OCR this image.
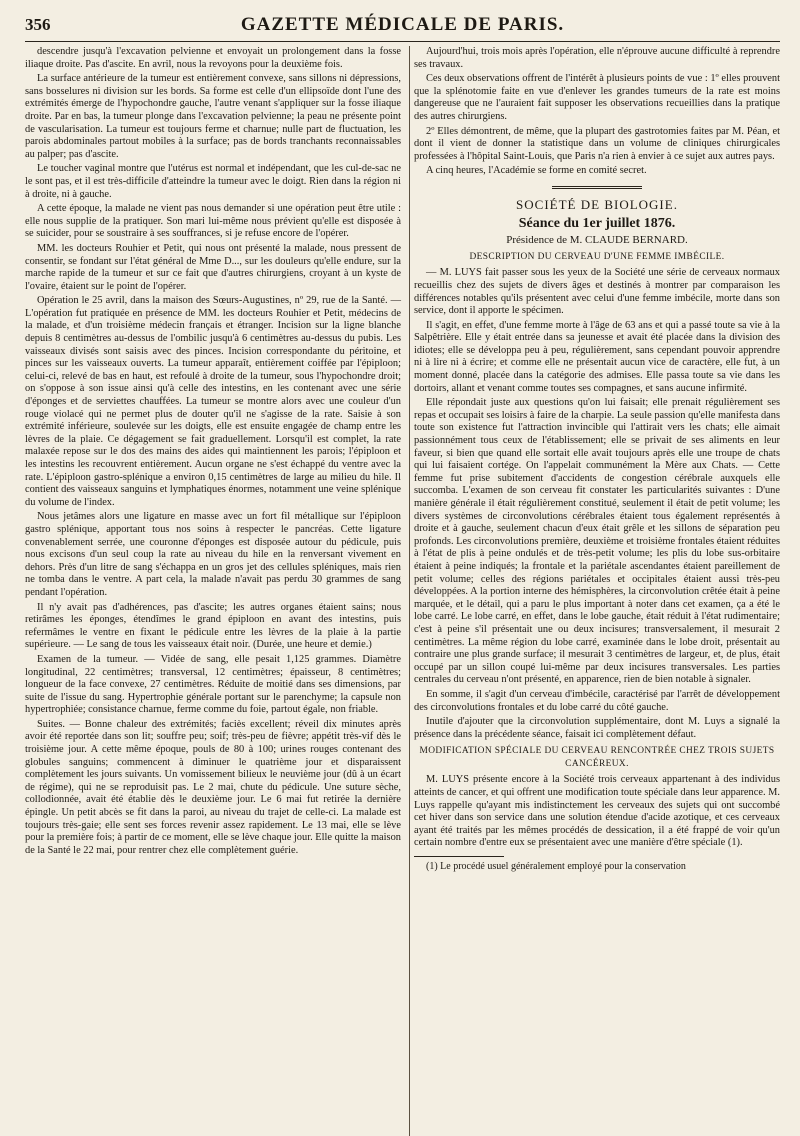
356	GAZETTE MÉDICALE DE PARIS.

descendre jusqu'à l'excavation pelvienne et envoyait un prolongement dans la fosse iliaque droite. Pas d'ascite. En avril, nous la revoyons pour la deuxième fois.

La surface antérieure de la tumeur est entièrement convexe, sans sillons ni dépressions, sans bosselures ni division sur les bords. Sa forme est celle d'un ellipsoïde dont l'une des extrémités émerge de l'hypochondre gauche, l'autre venant s'appliquer sur la fosse iliaque droite. Par en bas, la tumeur plonge dans l'excavation pelvienne; la peau ne présente point de vascularisation. La tumeur est toujours ferme et charnue; nulle part de fluctuation, les parois abdominales partout mobiles à la surface; pas de bords tranchants reconnaissables au palper; pas d'ascite.

Le toucher vaginal montre que l'utérus est normal et indépendant, que les cul-de-sac ne le sont pas, et il est très-difficile d'atteindre la tumeur avec le doigt. Rien dans la région ni à droite, ni à gauche.

A cette époque, la malade ne vient pas nous demander si une opération peut être utile : elle nous supplie de la pratiquer. Son mari lui-même nous prévient qu'elle est disposée à se suicider, pour se soustraire à ses souffrances, si je refuse encore de l'opérer.

MM. les docteurs Rouhier et Petit, qui nous ont présenté la malade, nous pressent de consentir, se fondant sur l'état général de Mme D..., sur les douleurs qu'elle endure, sur la marche rapide de la tumeur et sur ce fait que d'autres chirurgiens, croyant à un kyste de l'ovaire, étaient sur le point de l'opérer.

Opération le 25 avril, dans la maison des Sœurs-Augustines, nº 29, rue de la Santé. — L'opération fut pratiquée en présence de MM. les docteurs Rouhier et Petit, médecins de la malade, et d'un troisième médecin français et étranger. Incision sur la ligne blanche depuis 8 centimètres au-dessus de l'ombilic jusqu'à 6 centimètres au-dessus du pubis. Les vaisseaux divisés sont saisis avec des pinces. Incision correspondante du péritoine, et pinces sur les vaisseaux ouverts. La tumeur apparaît, entièrement coiffée par l'épiploon; celui-ci, relevé de bas en haut, est refoulé à droite de la tumeur, sous l'hypochondre droit; on s'oppose à son issue ainsi qu'à celle des intestins, en les contenant avec une série d'éponges et de serviettes chauffées. La tumeur se montre alors avec une couleur d'un rouge violacé qui ne permet plus de douter qu'il ne s'agisse de la rate. Saisie à son extrémité inférieure, soulevée sur les doigts, elle est ensuite engagée de champ entre les lèvres de la plaie. Ce dégagement se fait graduellement. Lorsqu'il est complet, la rate malaxée repose sur le dos des mains des aides qui maintiennent les parois; l'épiploon et les intestins les recouvrent entièrement. Aucun organe ne s'est échappé du ventre avec la rate. L'épiploon gastro-splénique a environ 0,15 centimètres de large au milieu du hile. Il contient des vaisseaux sanguins et lymphatiques énormes, notamment une veine splénique du volume de l'index.

Nous jetâmes alors une ligature en masse avec un fort fil métallique sur l'épiploon gastro splénique, apportant tous nos soins à respecter le pancréas. Cette ligature convenablement serrée, une couronne d'éponges est disposée autour du pédicule, puis nous excisons d'un seul coup la rate au niveau du hile en la renversant vivement en dehors. Près d'un litre de sang s'échappa en un gros jet des cellules spléniques, mais rien ne tomba dans le ventre. A part cela, la malade n'avait pas perdu 30 grammes de sang pendant l'opération.

Il n'y avait pas d'adhérences, pas d'ascite; les autres organes étaient sains; nous retirâmes les éponges, étendîmes le grand épiploon en avant des intestins, puis refermâmes le ventre en fixant le pédicule entre les lèvres de la plaie à la partie supérieure. — Le sang de tous les vaisseaux était noir. (Durée, une heure et demie.)

Examen de la tumeur. — Vidée de sang, elle pesait 1,125 grammes. Diamètre longitudinal, 22 centimètres; transversal, 12 centimètres; épaisseur, 8 centimètres; longueur de la face convexe, 27 centimètres. Réduite de moitié dans ses dimensions, par suite de l'issue du sang. Hypertrophie générale portant sur le parenchyme; la capsule non hypertrophiée; consistance charnue, ferme comme du foie, partout égale, non friable.

Suites. — Bonne chaleur des extrémités; faciès excellent; réveil dix minutes après avoir été reportée dans son lit; souffre peu; soif; très-peu de fièvre; appétit très-vif dès le troisième jour. A cette même époque, pouls de 80 à 100; urines rouges contenant des globules sanguins; commencent à diminuer le quatrième jour et disparaissent complètement les jours suivants. Un vomissement bilieux le neuvième jour (dû à un écart de régime), qui ne se reproduisit pas. Le 2 mai, chute du pédicule. Une suture sèche, collodionnée, avait été établie dès le deuxième jour. Le 6 mai fut retirée la dernière épingle. Un petit abcès se fit dans la paroi, au niveau du trajet de celle-ci. La malade est toujours très-gaie; elle sent ses forces revenir assez rapidement. Le 13 mai, elle se lève pour la première fois; à partir de ce moment, elle se lève chaque jour. Elle quitte la maison de la Santé le 22 mai, pour rentrer chez elle complètement guérie.

Aujourd'hui, trois mois après l'opération, elle n'éprouve aucune difficulté à reprendre ses travaux.

Ces deux observations offrent de l'intérêt à plusieurs points de vue : 1º elles prouvent que la splénotomie faite en vue d'enlever les grandes tumeurs de la rate est moins dangereuse que ne l'auraient fait supposer les observations recueillies dans la pratique des autres chirurgiens.

2º Elles démontrent, de même, que la plupart des gastrotomies faites par M. Péan, et dont il vient de donner la statistique dans un volume de cliniques chirurgicales professées à l'hôpital Saint-Louis, que Paris n'a rien à envier à ce sujet aux autres pays.

A cinq heures, l'Académie se forme en comité secret.

SOCIÉTÉ DE BIOLOGIE.
Séance du 1er juillet 1876.
Présidence de M. CLAUDE BERNARD.
DESCRIPTION DU CERVEAU D'UNE FEMME IMBÉCILE.

— M. LUYS fait passer sous les yeux de la Société une série de cerveaux normaux recueillis chez des sujets de divers âges et destinés à montrer par comparaison les différences notables qu'ils présentent avec celui d'une femme imbécile, morte dans son service, dont il apporte le spécimen.

Il s'agit, en effet, d'une femme morte à l'âge de 63 ans et qui a passé toute sa vie à la Salpêtrière. Elle y était entrée dans sa jeunesse et avait été placée dans la division des idiotes; elle se développa peu à peu, régulièrement, sans cependant pouvoir apprendre ni à lire ni à écrire; et comme elle ne présentait aucun vice de caractère, elle fut, à un moment donné, placée dans la catégorie des admises. Elle passa toute sa vie dans les dortoirs, allant et venant comme toutes ses compagnes, et sans aucune infirmité.

Elle répondait juste aux questions qu'on lui faisait; elle prenait régulièrement ses repas et occupait ses loisirs à faire de la charpie. La seule passion qu'elle manifesta dans toute son existence fut l'attraction invincible qui l'attirait vers les chats; elle aimait passionnément tous ceux de l'établissement; elle se privait de ses aliments en leur faveur, si bien que quand elle sortait elle avait toujours après elle une troupe de chats qui lui faisaient cortége. On l'appelait communément la Mère aux Chats. — Cette femme fut prise subitement d'accidents de congestion cérébrale auxquels elle succomba. L'examen de son cerveau fit constater les particularités suivantes : D'une manière générale il était régulièrement constitué, seulement il était de petit volume; les divers systèmes de circonvolutions cérébrales étaient tous également représentés à droite et à gauche, seulement chacun d'eux était grêle et les sillons de séparation peu profonds. Les circonvolutions première, deuxième et troisième frontales étaient réduites à l'état de plis à peine ondulés et de très-petit volume; les plis du lobe sus-orbitaire étaient à peine indiqués; la frontale et la pariétale ascendantes étaient pareillement de petit volume; celles des régions pariétales et occipitales étaient aussi très-peu développées. A la portion interne des hémisphères, la circonvolution crêtée était à peine marquée, et le détail, qui a paru le plus important à noter dans cet examen, ça a été le lobe carré. Le lobe carré, en effet, dans le lobe gauche, était réduit à l'état rudimentaire; c'est à peine s'il présentait une ou deux incisures; transversalement, il mesurait 2 centimètres. La même région du lobe carré, examinée dans le lobe droit, présentait au contraire une plus grande surface; il mesurait 3 centimètres de largeur, et, de plus, était occupé par un sillon coupé lui-même par deux incisures transversales. Les parties centrales du cerveau n'ont présenté, en apparence, rien de bien notable à signaler.

En somme, il s'agit d'un cerveau d'imbécile, caractérisé par l'arrêt de développement des circonvolutions frontales et du lobe carré du côté gauche.

Inutile d'ajouter que la circonvolution supplémentaire, dont M. Luys a signalé la présence dans la précédente séance, faisait ici complètement défaut.

MODIFICATION SPÉCIALE DU CERVEAU RENCONTRÉE CHEZ TROIS SUJETS CANCÉREUX.

M. LUYS présente encore à la Société trois cerveaux appartenant à des individus atteints de cancer, et qui offrent une modification toute spéciale dans leur apparence. M. Luys rappelle qu'ayant mis indistinctement les cerveaux des sujets qui ont succombé cet hiver dans son service dans une solution étendue d'acide azotique, et ces cerveaux ayant été traités par les mêmes procédés de dessication, il a été frappé de voir qu'un certain nombre d'entre eux se présentaient avec une manière d'être spéciale (1).

(1) Le procédé usuel généralement employé pour la conservation
